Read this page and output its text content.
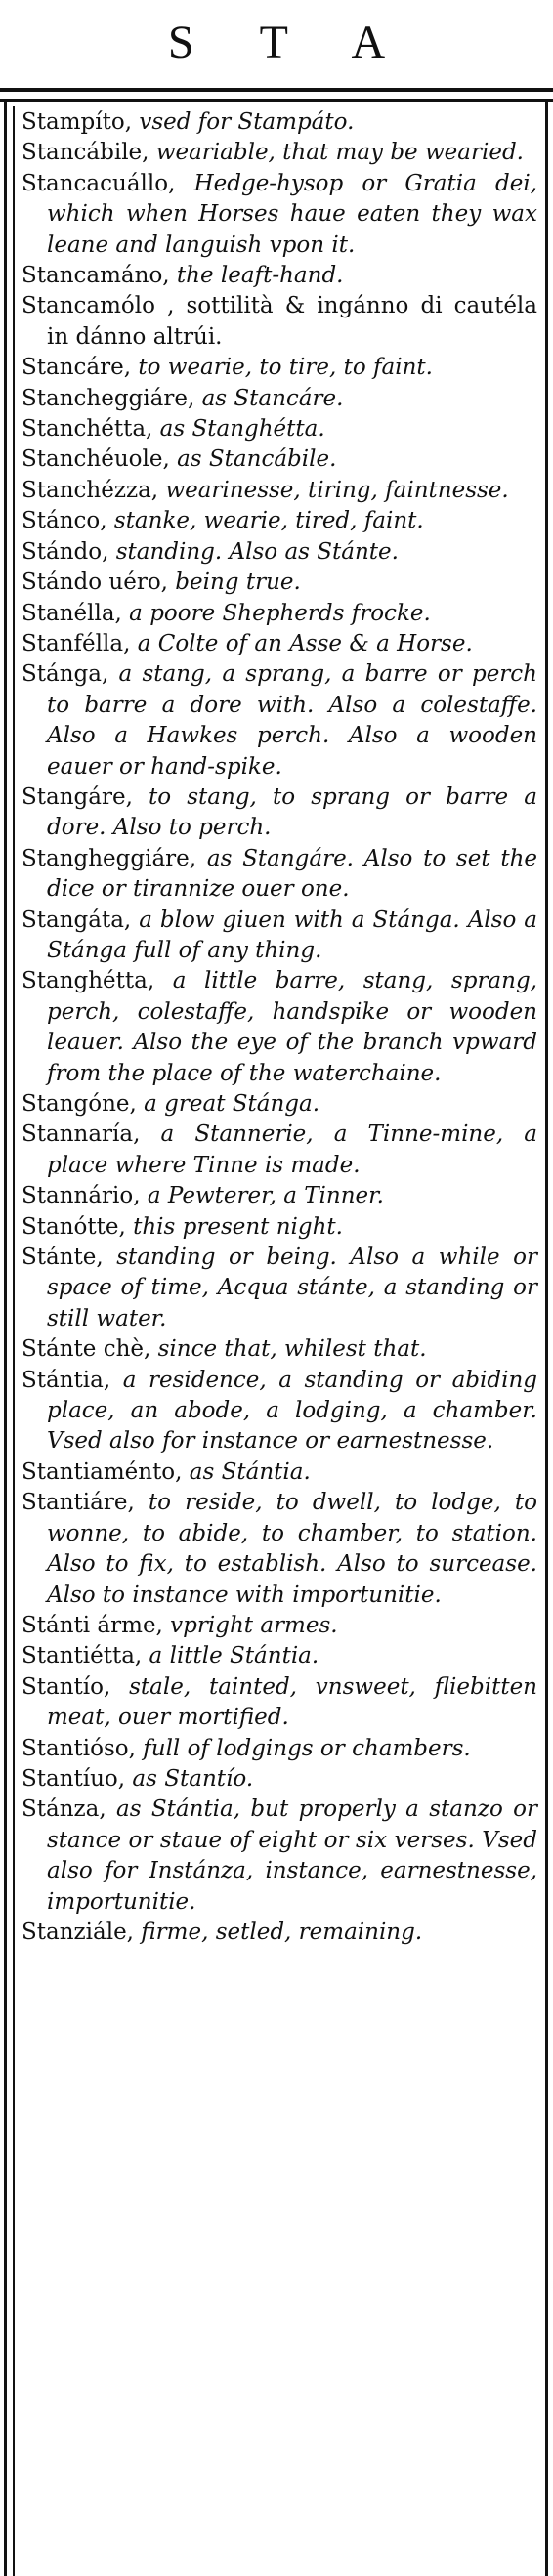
S T A

Stampíto, vsed for Stampáto.

Stancábile, weariable, that may be wearied.

Stancacuállo, Hedge-hysop or Gratia dei, which when Horses haue eaten they wax leane and languish vpon it.

Stancamáno, the leaft-hand.

Stancamólo , sottilità & ingánno di cautéla in dánno altrúi.

Stancáre, to wearie, to tire, to faint.

Stancheggiáre, as Stancáre.

Stanchétta, as Stanghétta.

Stanchéuole, as Stancábile.

Stanchézza, wearinesse, tiring, faintnesse.

Stánco, stanke, wearie, tired, faint.

Stándo, standing. Also as Stánte.

Stándo uéro, being true.

Stanélla, a poore Shepherds frocke.

Stanfélla, a Colte of an Asse & a Horse.

Stánga, a stang, a sprang, a barre or perch to barre a dore with. Also a colestaffe. Also a Hawkes perch. Also a wooden eauer or hand-spike.

Stangáre, to stang, to sprang or barre a dore. Also to perch.

Stangheggiáre, as Stangáre. Also to set the dice or tirannize ouer one.

Stangáta, a blow giuen with a Stánga. Also a Stánga full of any thing.

Stanghétta, a little barre, stang, sprang, perch, colestaffe, handspike or wooden leauer. Also the eye of the branch vpward from the place of the waterchaine.

Stangóne, a great Stánga.

Stannaría, a Stannerie, a Tinne-mine, a place where Tinne is made.

Stannário, a Pewterer, a Tinner.

Stanótte, this present night.

Stánte, standing or being. Also a while or space of time, Acqua stánte, a standing or still water.

Stánte chè, since that, whilest that.

Stántia, a residence, a standing or abiding place, an abode, a lodging, a chamber. Vsed also for instance or earnestnesse.

Stantiaménto, as Stántia.

Stantiáre, to reside, to dwell, to lodge, to wonne, to abide, to chamber, to station. Also to fix, to establish. Also to surcease. Also to instance with importunitie.

Stánti árme, vpright armes.

Stantiétta, a little Stántia.

Stantío, stale, tainted, vnsweet, fliebitten meat, ouer mortified.

Stantióso, full of lodgings or chambers.

Stantíuo, as Stantío.

Stánza, as Stántia, but properly a stanzo or stance or staue of eight or six verses. Vsed also for Instánza, instance, earnestnesse, importunitie.

Stanziále, firme, setled, remaining.
